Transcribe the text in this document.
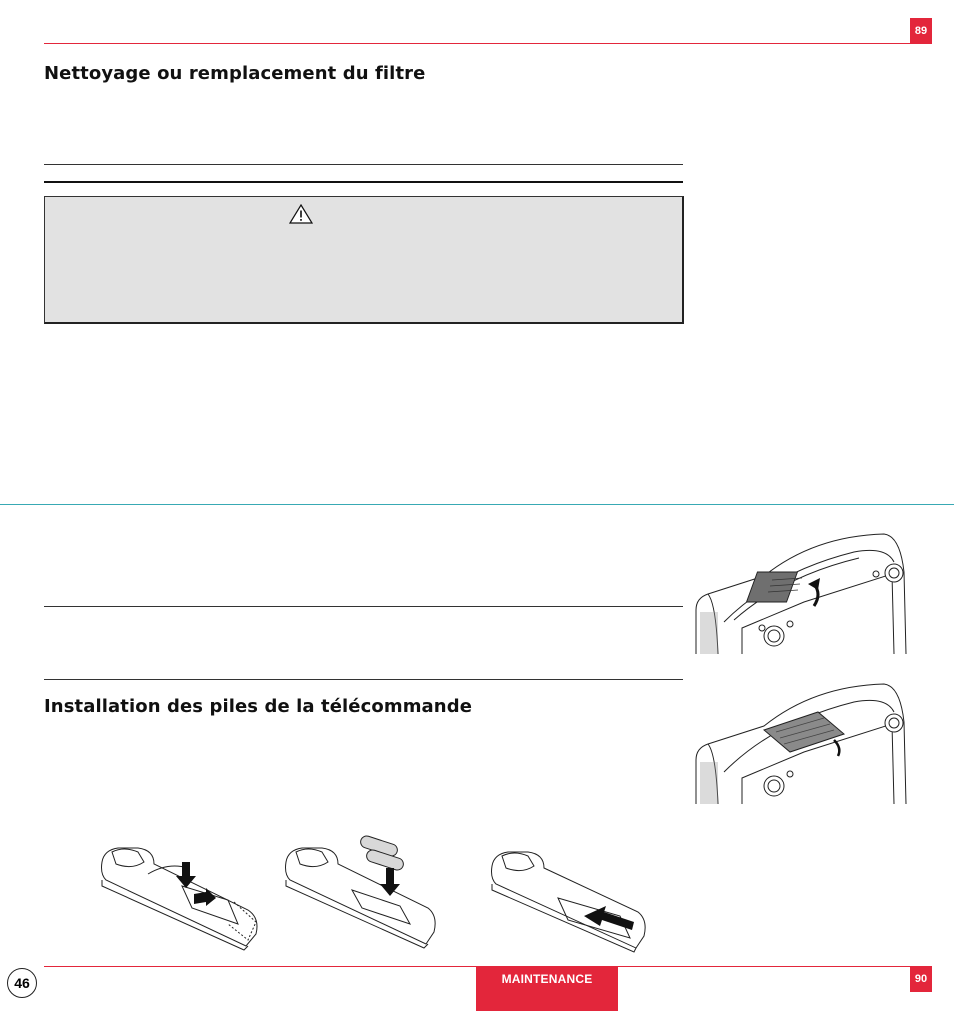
89
Nettoyage ou remplacement du filtre
Installation des piles de la télécommande
46	MAINTENANCE	90
